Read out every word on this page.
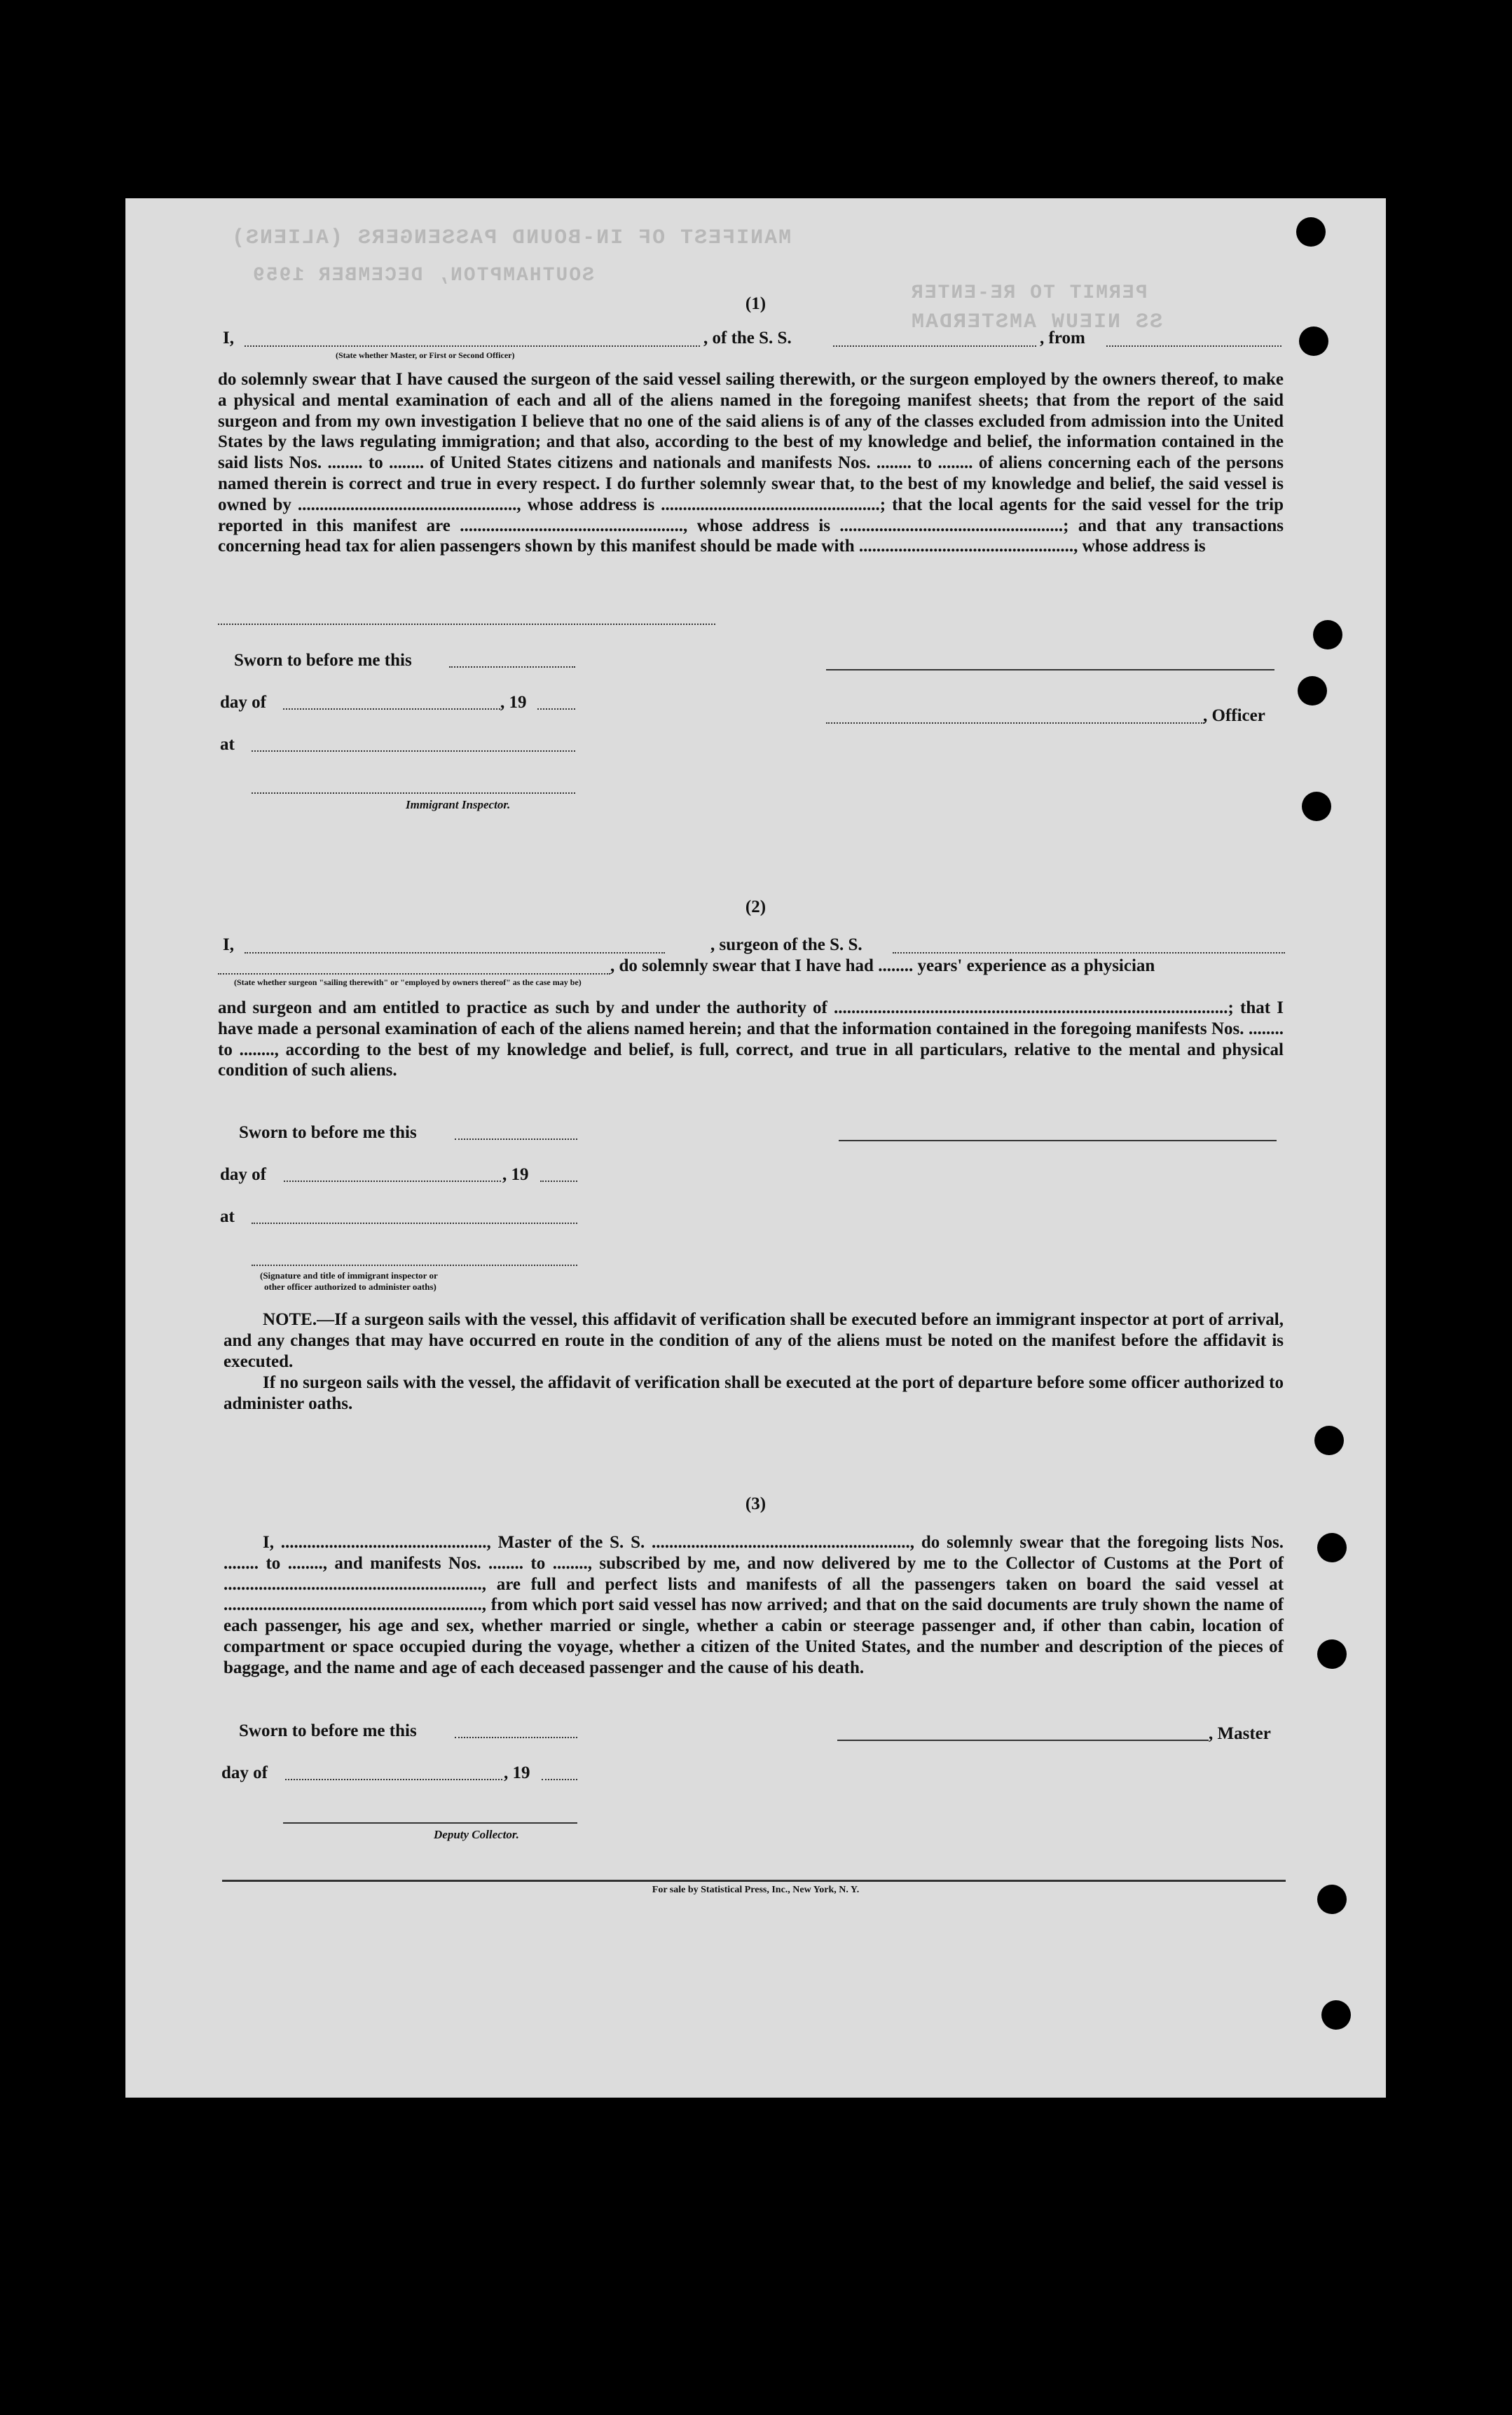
MANIFEST OF IN-BOUND PASSENGERS (ALIENS)
SS NIEUW AMSTERDAM
PERMIT TO RE-ENTER
SOUTHAMPTON, DECEMBER 1959
(1)
I,
(State whether Master, or First or Second Officer)
, of the S. S.	, from
do solemnly swear that I have caused the surgeon of the said vessel sailing therewith, or the surgeon employed by the owners thereof, to make a physical and mental examination of each and all of the aliens named in the foregoing manifest sheets; that from the report of the said surgeon and from my own investigation I believe that no one of the said aliens is of any of the classes excluded from admission into the United States by the laws regulating immigration; and that also, according to the best of my knowledge and belief, the information contained in the said lists Nos. ........ to ........ of United States citizens and nationals and manifests Nos. ........ to ........ of aliens concerning each of the persons named therein is correct and true in every respect. I do further solemnly swear that, to the best of my knowledge and belief, the said vessel is owned by .................................................., whose address is ..................................................; that the local agents for the said vessel for the trip reported in this manifest are ..................................................., whose address is ...................................................; and that any transactions concerning head tax for alien passengers shown by this manifest should be made with ................................................., whose address is
Sworn to before me this
day of	, 19
at
Immigrant Inspector.
, Officer
(2)
I,	, surgeon of the S. S.
, do solemnly swear that I have had ........ years' experience as a physician
(State whether surgeon "sailing therewith" or "employed by owners thereof" as the case may be)
and surgeon and am entitled to practice as such by and under the authority of ..........................................................................................; that I have made a personal examination of each of the aliens named herein; and that the information contained in the foregoing manifests Nos. ........ to ........, according to the best of my knowledge and belief, is full, correct, and true in all particulars, relative to the mental and physical condition of such aliens.
Sworn to before me this
day of	, 19
at
(Signature and title of immigrant inspector or
other officer authorized to administer oaths)
NOTE.—If a surgeon sails with the vessel, this affidavit of verification shall be executed before an immigrant inspector at port of arrival, and any changes that may have occurred en route in the condition of any of the aliens must be noted on the manifest before the affidavit is executed.
If no surgeon sails with the vessel, the affidavit of verification shall be executed at the port of departure before some officer authorized to administer oaths.
(3)
I, ..............................................., Master of the S. S. ..........................................................., do solemnly swear that the foregoing lists Nos. ........ to ........, and manifests Nos. ........ to ........, subscribed by me, and now delivered by me to the Collector of Customs at the Port of ..........................................................., are full and perfect lists and manifests of all the passengers taken on board the said vessel at ..........................................................., from which port said vessel has now arrived; and that on the said documents are truly shown the name of each passenger, his age and sex, whether married or single, whether a cabin or steerage passenger and, if other than cabin, location of compartment or space occupied during the voyage, whether a citizen of the United States, and the number and description of the pieces of baggage, and the name and age of each deceased passenger and the cause of his death.
Sworn to before me this
day of	, 19
Deputy Collector.
, Master
For sale by Statistical Press, Inc., New York, N. Y.
